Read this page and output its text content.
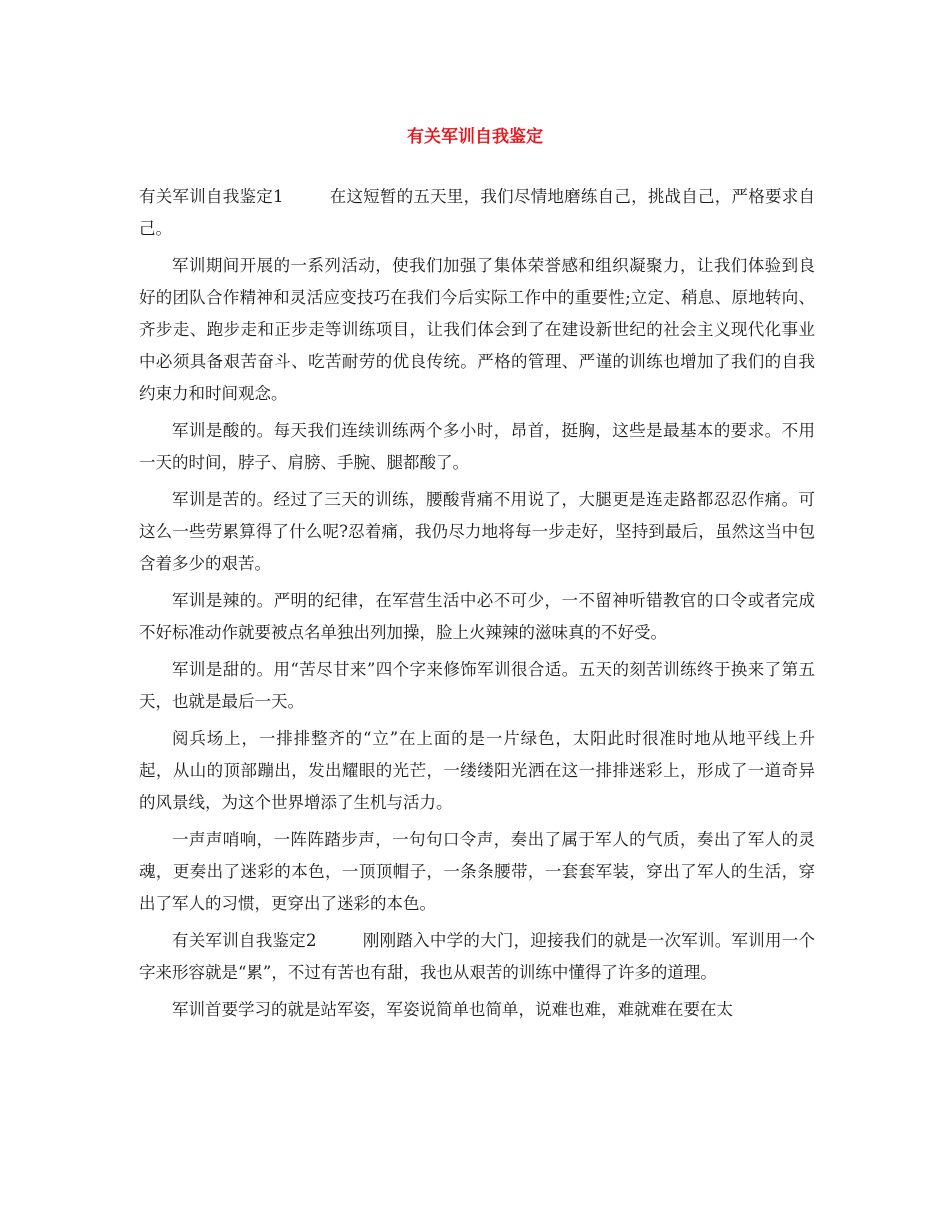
有关军训自我鉴定

有关军训自我鉴定1	在这短暂的五天里，我们尽情地磨练自己，挑战自己，严格要求自己。

军训期间开展的一系列活动，使我们加强了集体荣誉感和组织凝聚力，让我们体验到良好的团队合作精神和灵活应变技巧在我们今后实际工作中的重要性;立定、稍息、原地转向、齐步走、跑步走和正步走等训练项目，让我们体会到了在建设新世纪的社会主义现代化事业中必须具备艰苦奋斗、吃苦耐劳的优良传统。严格的管理、严谨的训练也增加了我们的自我约束力和时间观念。

军训是酸的。每天我们连续训练两个多小时，昂首，挺胸，这些是最基本的要求。不用一天的时间，脖子、肩膀、手腕、腿都酸了。

军训是苦的。经过了三天的训练，腰酸背痛不用说了，大腿更是连走路都忍忍作痛。可这么一些劳累算得了什么呢?忍着痛，我仍尽力地将每一步走好，坚持到最后，虽然这当中包含着多少的艰苦。

军训是辣的。严明的纪律，在军营生活中必不可少，一不留神听错教官的口令或者完成不好标准动作就要被点名单独出列加操，脸上火辣辣的滋味真的不好受。

军训是甜的。用“苦尽甘来”四个字来修饰军训很合适。五天的刻苦训练终于换来了第五天，也就是最后一天。

阅兵场上，一排排整齐的“立”在上面的是一片绿色，太阳此时很准时地从地平线上升起，从山的顶部蹦出，发出耀眼的光芒，一缕缕阳光洒在这一排排迷彩上，形成了一道奇异的风景线，为这个世界增添了生机与活力。

一声声哨响，一阵阵踏步声，一句句口令声，奏出了属于军人的气质，奏出了军人的灵魂，更奏出了迷彩的本色，一顶顶帽子，一条条腰带，一套套军装，穿出了军人的生活，穿出了军人的习惯，更穿出了迷彩的本色。

有关军训自我鉴定2	刚刚踏入中学的大门，迎接我们的就是一次军训。军训用一个字来形容就是“累”，不过有苦也有甜，我也从艰苦的训练中懂得了许多的道理。

军训首要学习的就是站军姿，军姿说简单也简单，说难也难，难就难在要在太
